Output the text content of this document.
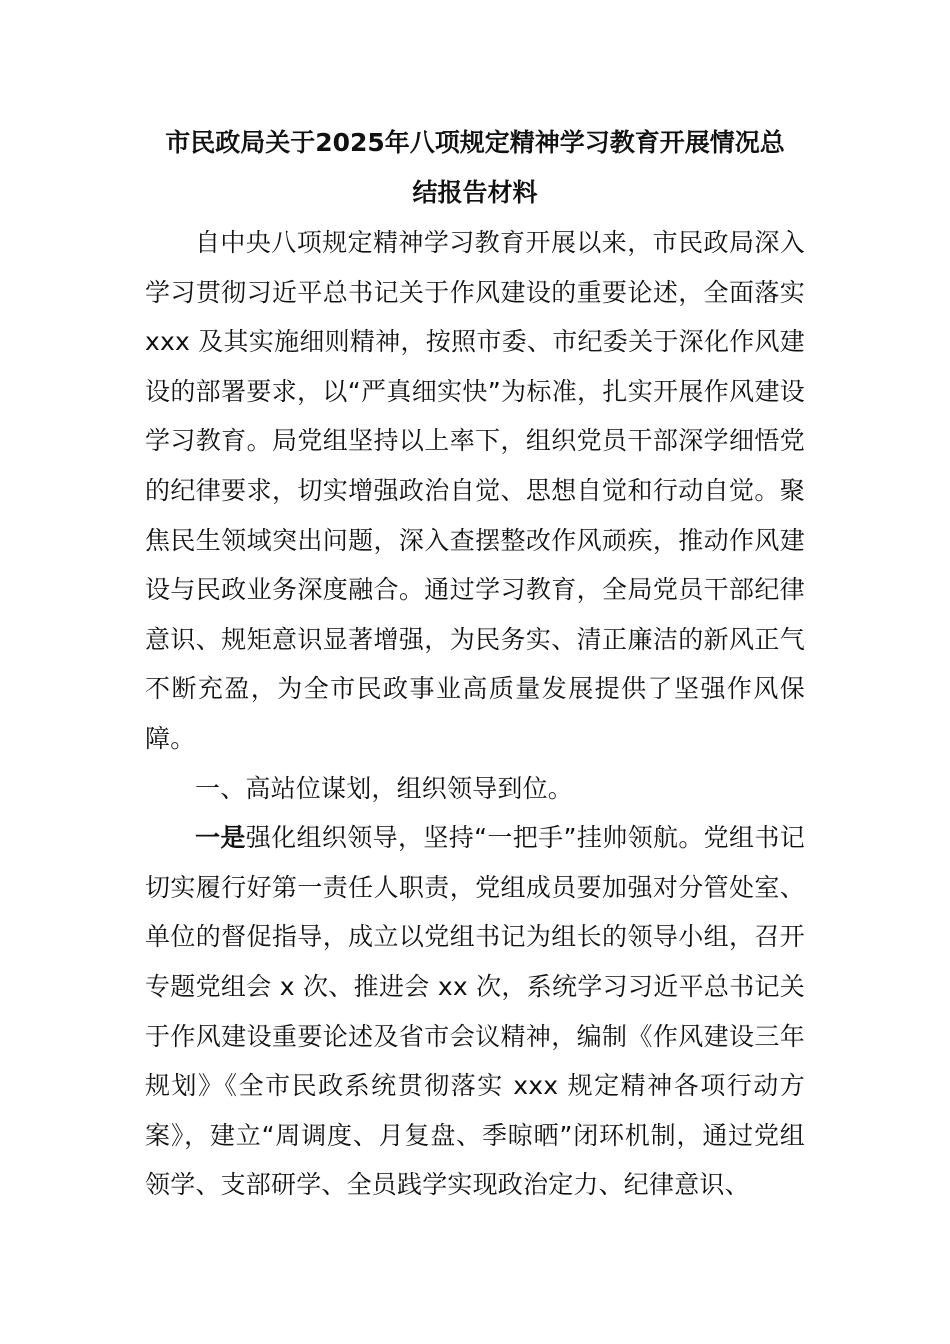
市民政局关于2025年八项规定精神学习教育开展情况总
结报告材料

自中央八项规定精神学习教育开展以来，市民政局深入学习贯彻习近平总书记关于作风建设的重要论述，全面落实 xxx 及其实施细则精神，按照市委、市纪委关于深化作风建设的部署要求，以“严真细实快”为标准，扎实开展作风建设学习教育。局党组坚持以上率下，组织党员干部深学细悟党的纪律要求，切实增强政治自觉、思想自觉和行动自觉。聚焦民生领域突出问题，深入查摆整改作风顽疾，推动作风建设与民政业务深度融合。通过学习教育，全局党员干部纪律意识、规矩意识显著增强，为民务实、清正廉洁的新风正气不断充盈，为全市民政事业高质量发展提供了坚强作风保障。

一、高站位谋划，组织领导到位。

一是强化组织领导，坚持“一把手”挂帅领航。党组书记切实履行好第一责任人职责，党组成员要加强对分管处室、单位的督促指导，成立以党组书记为组长的领导小组，召开专题党组会 x 次、推进会 xx 次，系统学习习近平总书记关于作风建设重要论述及省市会议精神，编制《作风建设三年规划》《全市民政系统贯彻落实 xxx 规定精神各项行动方案》，建立“周调度、月复盘、季晾晒”闭环机制，通过党组领学、支部研学、全员践学实现政治定力、纪律意识、
